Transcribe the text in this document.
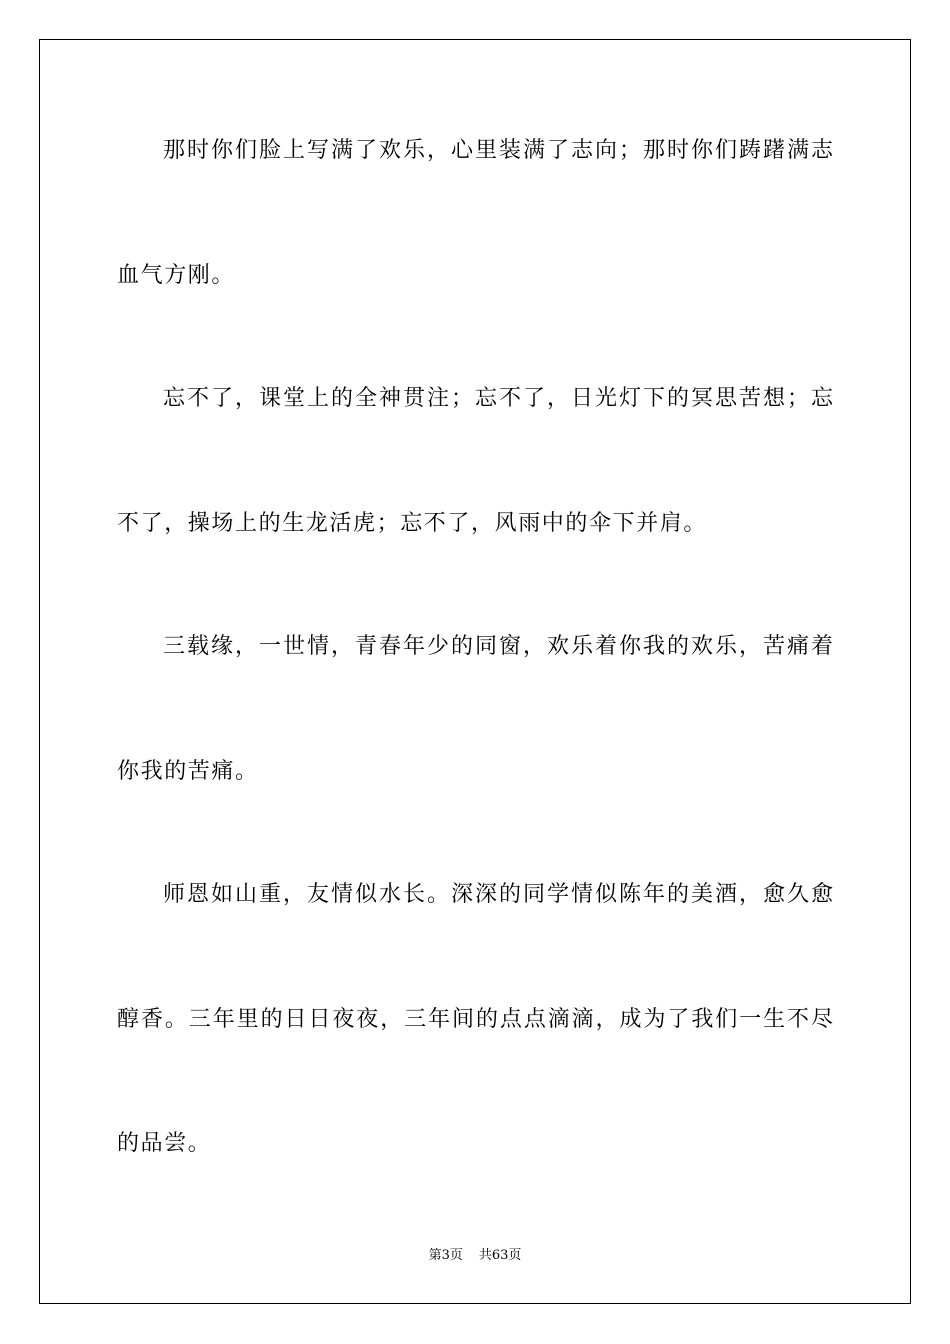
那时你们脸上写满了欢乐，心里装满了志向；那时你们踌躇满志
血气方刚。
忘不了，课堂上的全神贯注；忘不了，日光灯下的冥思苦想；忘
不了，操场上的生龙活虎；忘不了，风雨中的伞下并肩。
三载缘，一世情，青春年少的同窗，欢乐着你我的欢乐，苦痛着
你我的苦痛。
师恩如山重，友情似水长。深深的同学情似陈年的美酒，愈久愈
醇香。三年里的日日夜夜，三年间的点点滴滴，成为了我们一生不尽
的品尝。
第3页 共63页
